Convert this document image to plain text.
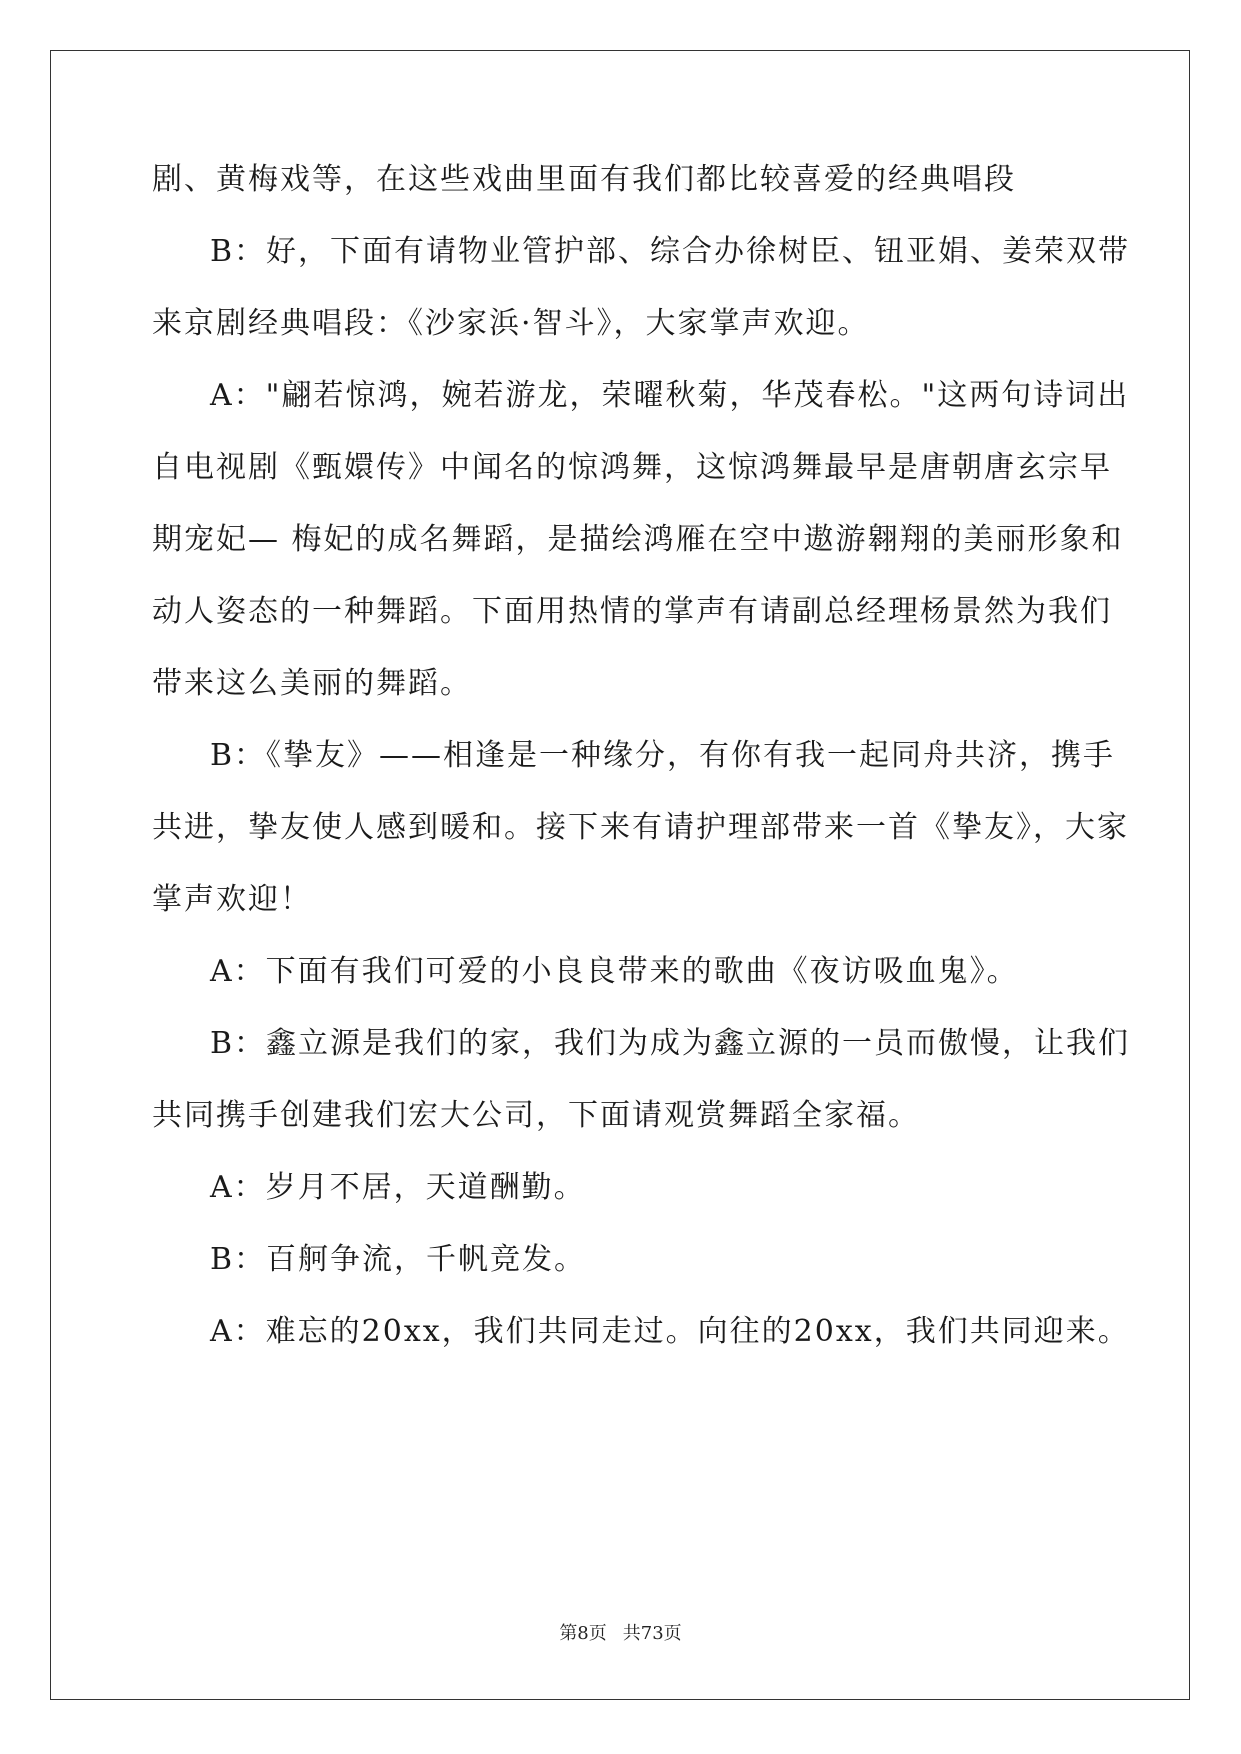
剧、黄梅戏等，在这些戏曲里面有我们都比较喜爱的经典唱段
B：好，下面有请物业管护部、综合办徐树臣、钮亚娟、姜荣双带
来京剧经典唱段：《沙家浜·智斗》，大家掌声欢迎。
A："翩若惊鸿，婉若游龙，荣曜秋菊，华茂春松。"这两句诗词出
自电视剧《甄嬛传》中闻名的惊鸿舞，这惊鸿舞最早是唐朝唐玄宗早
期宠妃— 梅妃的成名舞蹈，是描绘鸿雁在空中遨游翱翔的美丽形象和
动人姿态的一种舞蹈。下面用热情的掌声有请副总经理杨景然为我们
带来这么美丽的舞蹈。
B：《挚友》——相逢是一种缘分，有你有我一起同舟共济，携手
共进，挚友使人感到暖和。接下来有请护理部带来一首《挚友》，大家
掌声欢迎！
A：下面有我们可爱的小良良带来的歌曲《夜访吸血鬼》。
B：鑫立源是我们的家，我们为成为鑫立源的一员而傲慢，让我们
共同携手创建我们宏大公司，下面请观赏舞蹈全家福。
A：岁月不居，天道酬勤。
B：百舸争流，千帆竞发。
A：难忘的20xx，我们共同走过。向往的20xx，我们共同迎来。
第8页 共73页
